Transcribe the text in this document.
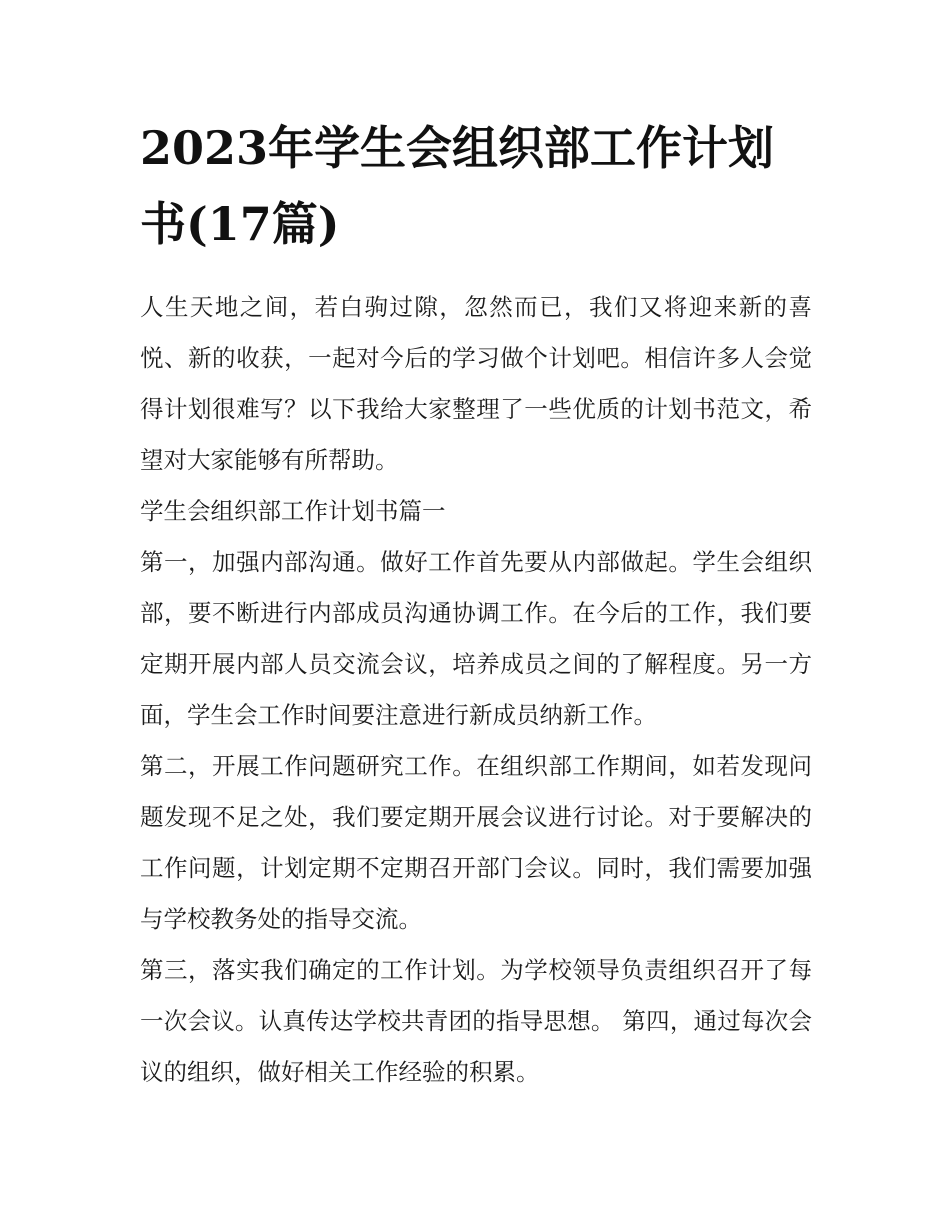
2023年学生会组织部工作计划书(17篇)

人生天地之间，若白驹过隙，忽然而已，我们又将迎来新的喜悦、新的收获，一起对今后的学习做个计划吧。相信许多人会觉得计划很难写？以下我给大家整理了一些优质的计划书范文，希望对大家能够有所帮助。

学生会组织部工作计划书篇一

第一，加强内部沟通。做好工作首先要从内部做起。学生会组织部，要不断进行内部成员沟通协调工作。在今后的工作，我们要定期开展内部人员交流会议，培养成员之间的了解程度。另一方面，学生会工作时间要注意进行新成员纳新工作。

第二，开展工作问题研究工作。在组织部工作期间，如若发现问题发现不足之处，我们要定期开展会议进行讨论。对于要解决的工作问题，计划定期不定期召开部门会议。同时，我们需要加强与学校教务处的指导交流。

第三，落实我们确定的工作计划。为学校领导负责组织召开了每一次会议。认真传达学校共青团的指导思想。 第四，通过每次会议的组织，做好相关工作经验的积累。
